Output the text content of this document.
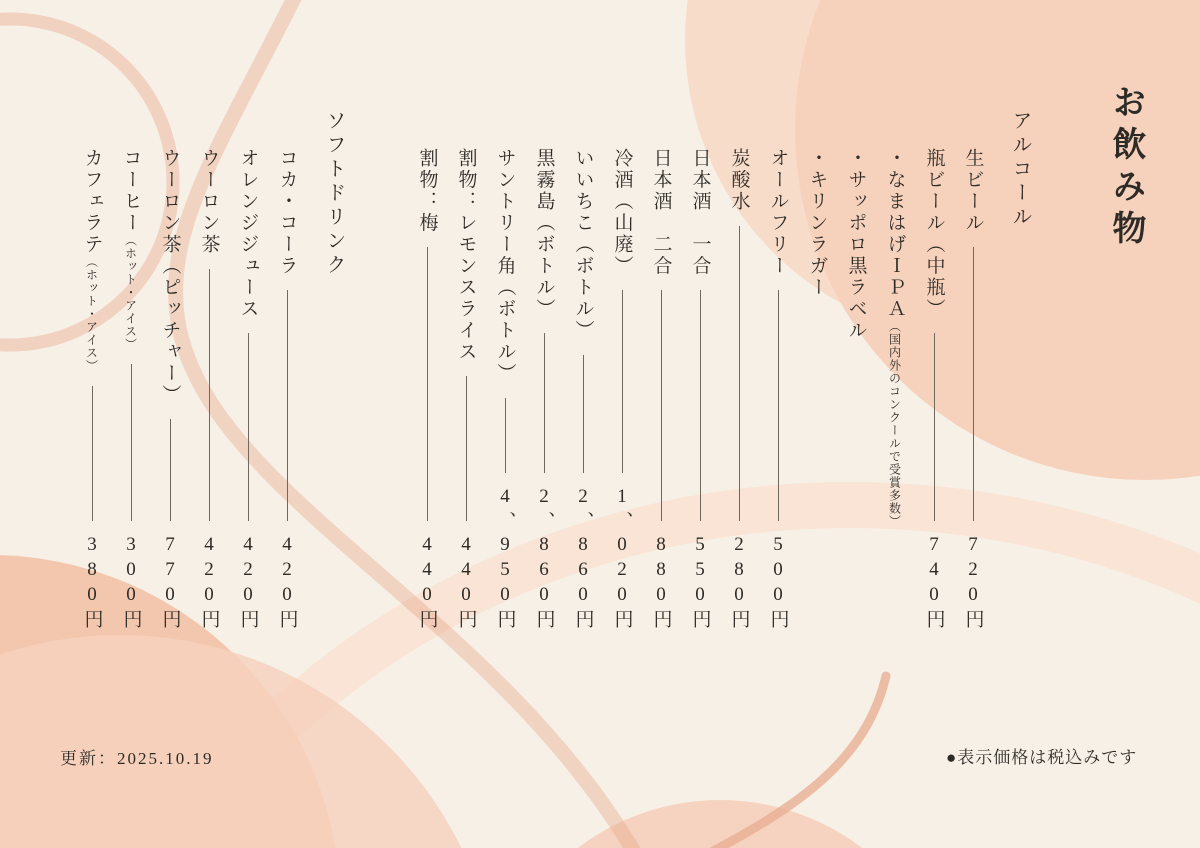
お飲み物
アルコール
生ビール
720円
瓶ビール（中瓶）
740円
・なまはげＩＰＡ（国内外のコンクールで受賞多数）
・サッポロ黒ラベル
・キリンラガー
オールフリー
500円
炭酸水
280円
日本酒　一合
550円
日本酒　二合
880円
冷酒（山廃）
1、020円
いいちこ（ボトル）
2、860円
黒霧島（ボトル）
2、860円
サントリー角（ボトル）
4、950円
割物：レモンスライス
440円
割物：梅
440円
ソフトドリンク
コカ・コーラ
420円
オレンジジュース
420円
ウーロン茶
420円
ウーロン茶（ピッチャー）
770円
コーヒー（ホット・アイス）
300円
カフェラテ（ホット・アイス）
380円
更新：2025.10.19	●表示価格は税込みです
